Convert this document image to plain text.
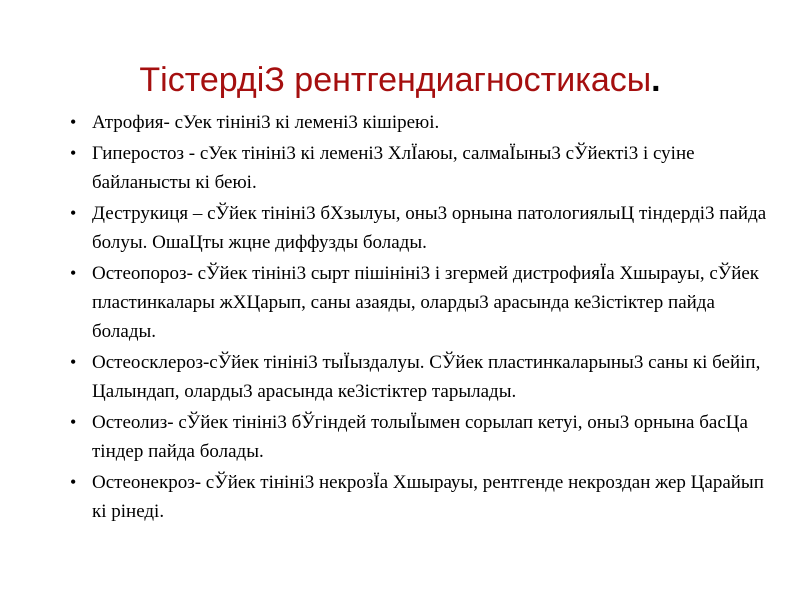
ТістердіЗ рентгендиагностикасы.
• Атрофия- сУек тініні3 кі лемені3 кішіреюі.
• Гиперостоз - сУек тініні3 кі лемені3 ХлЇаюы, салмаЇыны3 сЎйекті3 і суіне байланысты кі беюі.
• Деструкиця – сЎйек тініні3 бХзылуы, оны3 орнына патологиялыЦ тіндерді3 пайда болуы. ОшаЦты жцне диффузды болады.
• Остеопороз- сЎйек тініні3 сырт пішініні3 і згермей дистрофияЇа Хшырауы, сЎйек пластинкалары жХЦарып, саны азаяды, оларды3 арасында ке3істіктер пайда болады.
• Остеосклероз-сЎйек тініні3 тыЇыздалуы. СЎйек пластинкаларыны3 саны кі бейіп, Цалындап, оларды3 арасында ке3істіктер тарылады.
• Остеолиз- сЎйек тініні3 бЎгіндей толыЇымен сорылап кетуі, оны3 орнына басЦа тіндер пайда болады.
• Остеонекроз- сЎйек тініні3 некрозЇа Хшырауы, рентгенде некроздан жер Царайып кі рінеді.
